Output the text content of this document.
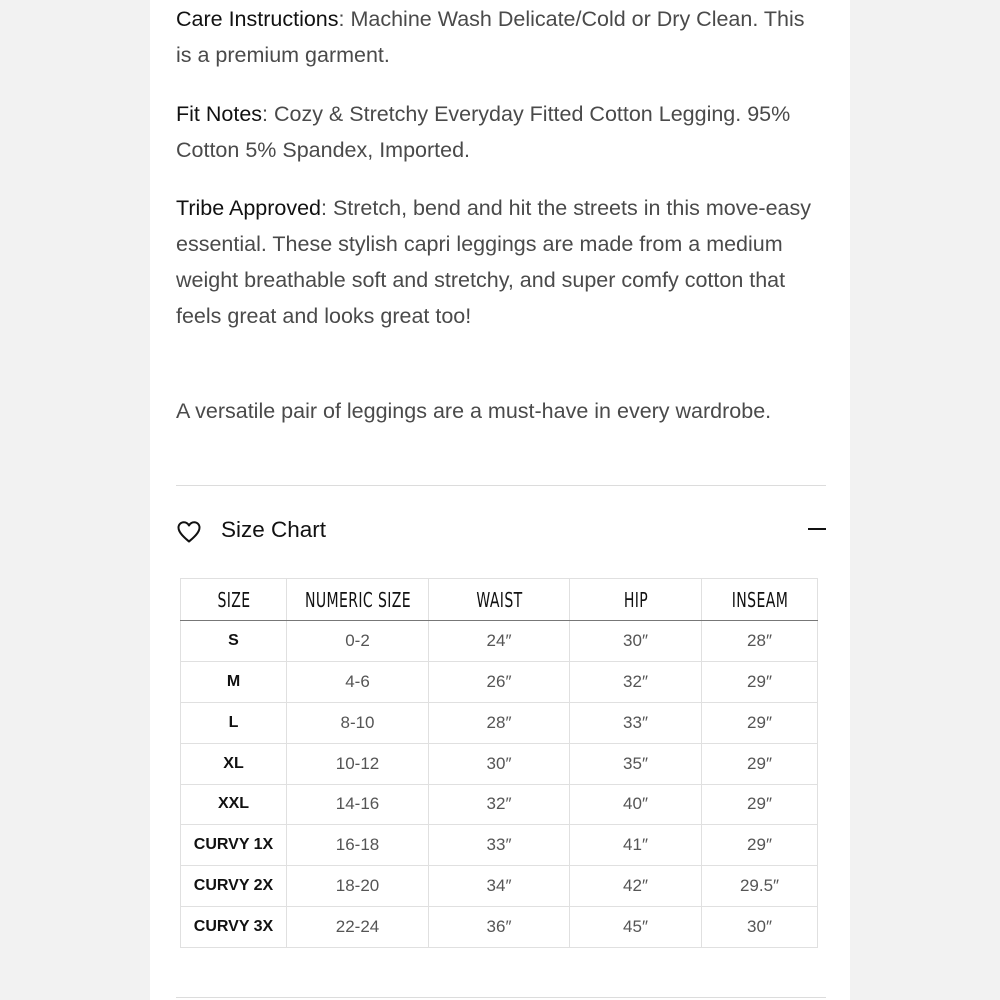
Care Instructions: Machine Wash Delicate/Cold or Dry Clean. This is a premium garment.

Fit Notes: Cozy & Stretchy Everyday Fitted Cotton Legging. 95% Cotton 5% Spandex, Imported.

Tribe Approved: Stretch, bend and hit the streets in this move-easy essential. These stylish capri leggings are made from a medium weight breathable soft and stretchy, and super comfy cotton that feels great and looks great too!

A versatile pair of leggings are a must-have in every wardrobe.

Size Chart
SIZE	NUMERIC SIZE	WAIST	HIP	INSEAM
S	0-2	24″	30″	28″
M	4-6	26″	32″	29″
L	8-10	28″	33″	29″
XL	10-12	30″	35″	29″
XXL	14-16	32″	40″	29″
CURVY 1X	16-18	33″	41″	29″
CURVY 2X	18-20	34″	42″	29.5″
CURVY 3X	22-24	36″	45″	30″
